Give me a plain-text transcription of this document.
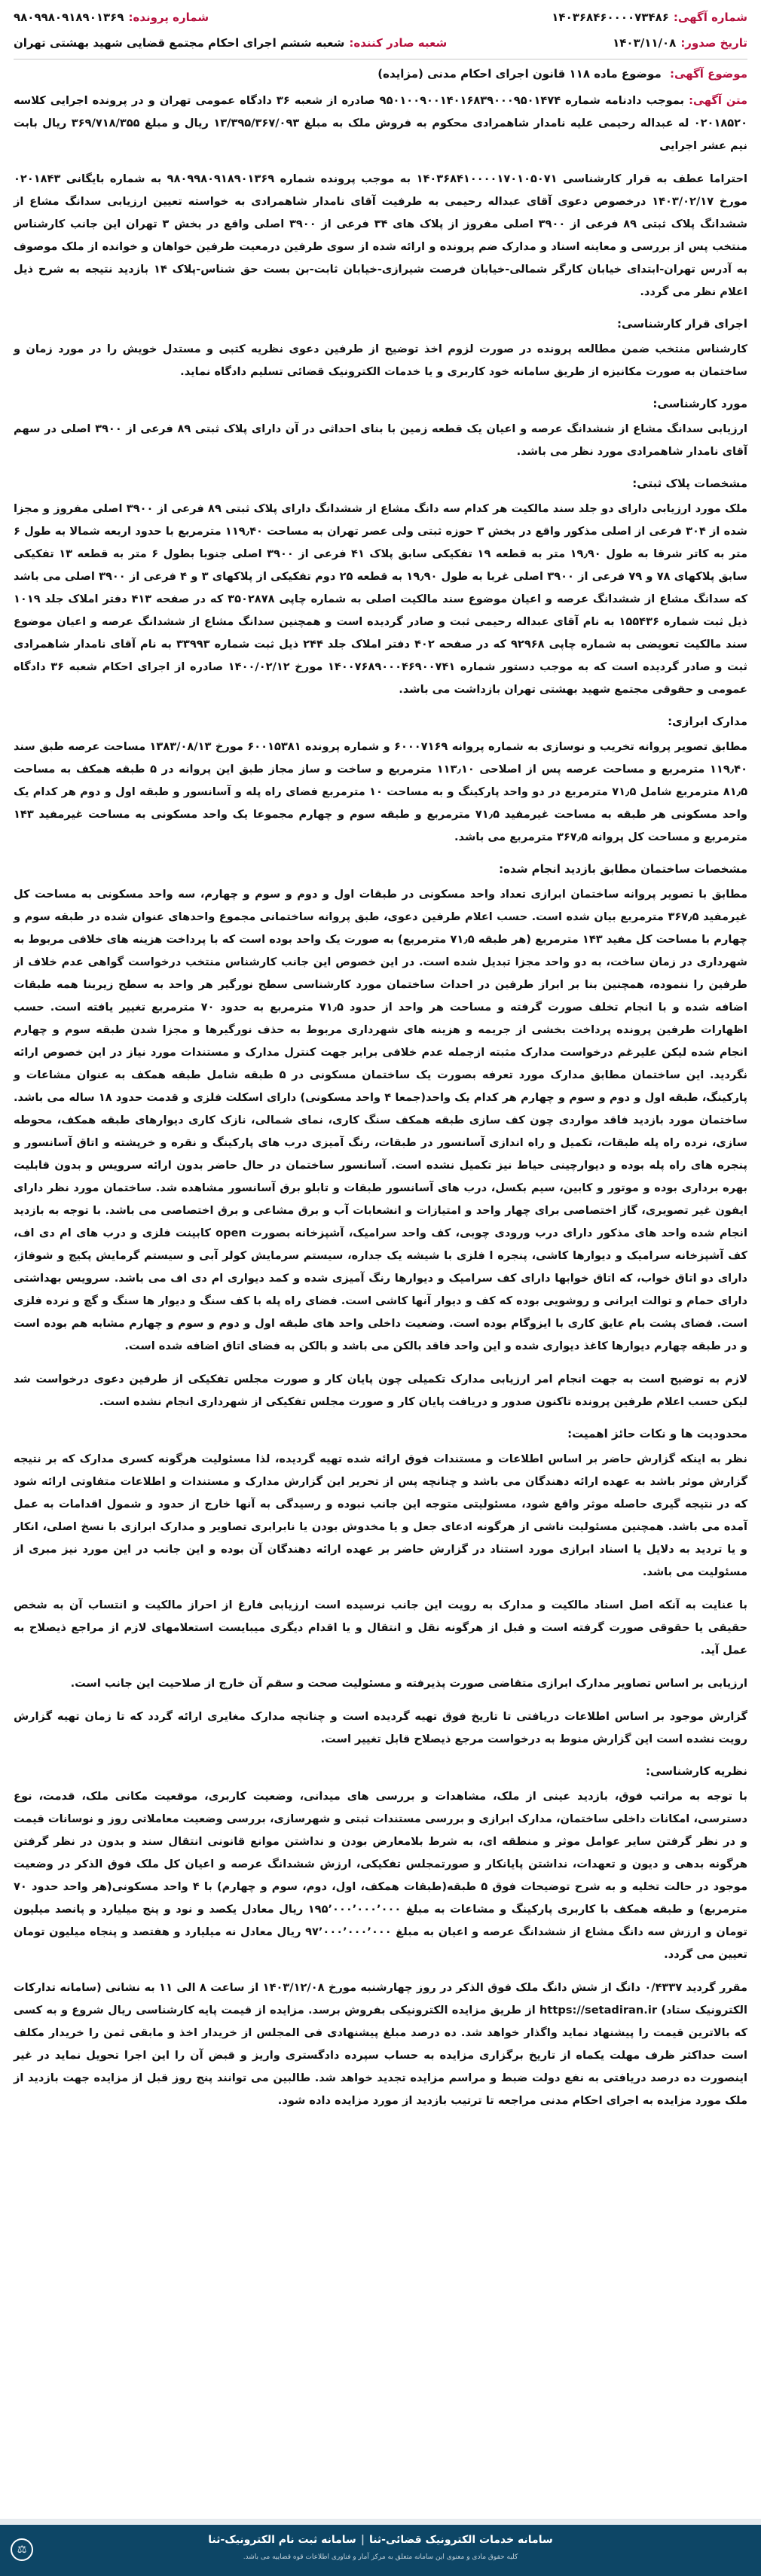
شماره آگهی:
۱۴۰۳۶۸۴۶۰۰۰۰۷۳۴۸۶
شماره پرونده:
۹۸۰۹۹۸۰۹۱۸۹۰۱۳۶۹
تاریخ صدور:
۱۴۰۳/۱۱/۰۸
شعبه صادر کننده:
شعبه ششم اجرای احکام مجتمع قضایی شهید بهشتی تهران
موضوع آگهی: موضوع ماده ۱۱۸ قانون اجرای احکام مدنی (مزایده)

متن آگهی: بموجب دادنامه شماره ۹۵۰۱۰۰۹۰۰۱۴۰۱۶۸۳۹۰۰۰۹۵۰۱۴۷۴ صادره از شعبه ۳۶ دادگاه عمومی تهران و در پرونده اجرایی کلاسه ۰۲۰۱۸۵۲۰ له عبداله رحیمی علیه نامدار شاهمرادی محکوم به فروش ملک به مبلغ ۱۳/۳۹۵/۳۶۷/۰۹۳ ریال و مبلغ ۳۶۹/۷۱۸/۳۵۵ ریال بابت نیم عشر اجرایی

احتراما عطف به قرار کارشناسی ۱۴۰۳۶۸۴۱۰۰۰۰۱۷۰۱۰۵۰۷۱ به موجب پرونده شماره ۹۸۰۹۹۸۰۹۱۸۹۰۱۳۶۹ به شماره بایگانی ۰۲۰۱۸۴۳ مورخ ۱۴۰۳/۰۲/۱۷ درخصوص دعوی آقای عبداله رحیمی به طرفیت آقای نامدار شاهمرادی به خواسته تعیین ارزیابی سدانگ مشاع از ششدانگ پلاک ثبتی ۸۹ فرعی از ۳۹۰۰ اصلی مفروز از پلاک های ۳۴ فرعی از ۳۹۰۰ اصلی واقع در بخش ۳ تهران این جانب کارشناس منتخب پس از بررسی و معاینه اسناد و مدارک ضم پرونده و ارائه شده از سوی طرفین درمعیت طرفین خواهان و خوانده از ملک موصوف به آدرس تهران-ابتدای خیابان کارگر شمالی-خیابان فرصت شیرازی-خیابان ثابت-بن بست حق شناس-پلاک ۱۴ بازدید نتیجه به شرح ذیل اعلام نظر می گردد.

اجرای قرار کارشناسی:

کارشناس منتخب ضمن مطالعه پرونده در صورت لزوم اخذ توضیح از طرفین دعوی نظریه کتبی و مستدل خویش را در مورد زمان و ساختمان به صورت مکانیزه از طریق سامانه خود کاربری و یا خدمات الکترونیک قضائی تسلیم دادگاه نماید.

مورد کارشناسی:

ارزیابی سدانگ مشاع از ششدانگ عرصه و اعیان یک قطعه زمین با بنای احداثی در آن دارای پلاک ثبتی ۸۹ فرعی از ۳۹۰۰ اصلی در سهم آقای نامدار شاهمرادی مورد نظر می باشد.

مشخصات پلاک ثبتی:

ملک مورد ارزیابی دارای دو جلد سند مالکیت هر کدام سه دانگ مشاع از ششدانگ دارای پلاک ثبتی ۸۹ فرعی از ۳۹۰۰ اصلی مفروز و مجزا شده از ۳۰۴ فرعی از اصلی مذکور واقع در بخش ۳ حوزه ثبتی ولی عصر تهران به مساحت ۱۱۹٫۴۰ مترمربع با حدود اربعه شمالا به طول ۶ متر به کاتر شرقا به طول ۱۹٫۹۰ متر به قطعه ۱۹ تفکیکی سابق پلاک ۴۱ فرعی از ۳۹۰۰ اصلی جنوبا بطول ۶ متر به قطعه ۱۳ تفکیکی سابق پلاکهای ۷۸ و ۷۹ فرعی از ۳۹۰۰ اصلی غربا به طول ۱۹٫۹۰ به قطعه ۲۵ دوم تفکیکی از پلاکهای ۳ و ۴ فرعی از ۳۹۰۰ اصلی می باشد که سدانگ مشاع از ششدانگ عرصه و اعیان موضوع سند مالکیت اصلی به شماره چاپی ۳۵۰۲۸۷۸ که در صفحه ۴۱۳ دفتر املاک جلد ۱۰۱۹ ذیل ثبت شماره ۱۵۵۴۳۶ به نام آقای عبداله رحیمی ثبت و صادر گردیده است و همچنین سدانگ مشاع از ششدانگ عرصه و اعیان موضوع سند مالکیت تعویضی به شماره چاپی ۹۲۹۶۸ که در صفحه ۴۰۲ دفتر املاک جلد ۲۴۴ ذیل ثبت شماره ۳۳۹۹۳ به نام آقای نامدار شاهمرادی ثبت و صادر گردیده است که به موجب دستور شماره ۱۴۰۰۷۶۸۹۰۰۰۴۶۹۰۰۷۴۱ مورخ ۱۴۰۰/۰۲/۱۲ صادره از اجرای احکام شعبه ۳۶ دادگاه عمومی و حقوقی مجتمع شهید بهشتی تهران بازداشت می باشد.

مدارک ابرازی:

مطابق تصویر پروانه تخریب و نوسازی به شماره پروانه ۶۰۰۰۷۱۶۹ و شماره پرونده ۶۰۰۱۵۳۸۱ مورخ ۱۳۸۳/۰۸/۱۳ مساحت عرصه طبق سند ۱۱۹٫۴۰ مترمربع و مساحت عرصه پس از اصلاحی ۱۱۳٫۱۰ مترمربع و ساخت و ساز مجاز طبق این پروانه در ۵ طبقه همکف به مساحت ۸۱٫۵ مترمربع شامل ۷۱٫۵ مترمربع در دو واحد پارکینگ و به مساحت ۱۰ مترمربع فضای راه پله و آسانسور و طبقه اول و دوم هر کدام یک واحد مسکونی هر طبقه به مساحت غیرمفید ۷۱٫۵ مترمربع و طبقه سوم و چهارم مجموعا یک واحد مسکونی به مساحت غیرمفید ۱۴۳ مترمربع و مساحت کل پروانه ۳۶۷٫۵ مترمربع می باشد.

مشخصات ساختمان مطابق بازدید انجام شده:

مطابق با تصویر پروانه ساختمان ابرازی تعداد واحد مسکونی در طبقات اول و دوم و سوم و چهارم، سه واحد مسکونی به مساحت کل غیرمفید ۳۶۷٫۵ مترمربع بیان شده است. حسب اعلام طرفین دعوی، طبق پروانه ساختمانی مجموع واحدهای عنوان شده در طبقه سوم و چهارم با مساحت کل مفید ۱۴۳ مترمربع (هر طبقه ۷۱٫۵ مترمربع) به صورت یک واحد بوده است که با پرداخت هزینه های خلافی مربوط به شهرداری در زمان ساخت، به دو واحد مجزا تبدیل شده است. در این خصوص این جانب کارشناس منتخب درخواست گواهی عدم خلاف از طرفین را ننموده، همچنین بنا بر ابراز طرفین در احداث ساختمان مورد کارشناسی سطح نورگیر هر واحد به سطح زیربنا همه طبقات اضافه شده و با انجام تخلف صورت گرفته و مساحت هر واحد از حدود ۷۱٫۵ مترمربع به حدود ۷۰ مترمربع تغییر یافته است. حسب اظهارات طرفین پرونده پرداخت بخشی از جریمه و هزینه های شهرداری مربوط به حذف نورگیرها و مجزا شدن طبقه سوم و چهارم انجام شده لیکن علیرغم درخواست مدارک مثبته ازجمله عدم خلافی برابر جهت کنترل مدارک و مستندات مورد نیاز در این خصوص ارائه نگردید. این ساختمان مطابق مدارک مورد تعرفه بصورت یک ساختمان مسکونی در ۵ طبقه شامل طبقه همکف به عنوان مشاعات و پارکینگ، طبقه اول و دوم و سوم و چهارم هر کدام یک واحد(جمعا ۴ واحد مسکونی) دارای اسکلت فلزی و قدمت حدود ۱۸ ساله می باشد. ساختمان مورد بازدید فاقد مواردی چون کف سازی طبقه همکف سنگ کاری، نمای شمالی، نازک کاری دیوارهای طبقه همکف، محوطه سازی، نرده راه پله طبقات، تکمیل و راه اندازی آسانسور در طبقات، رنگ آمیزی درب های پارکینگ و نقره و خرپشته و اتاق آسانسور و پنجره های راه پله بوده و دیوارچینی حیاط نیز تکمیل نشده است. آسانسور ساختمان در حال حاضر بدون ارائه سرویس و بدون قابلیت بهره برداری بوده و موتور و کابین، سیم بکسل، درب های آسانسور طبقات و تابلو برق آسانسور مشاهده شد. ساختمان مورد نظر دارای ایفون غیر تصویری، گاز اختصاصی برای چهار واحد و امتیازات و انشعابات آب و برق مشاعی و برق اختصاصی می باشد. با توجه به بازدید انجام شده واحد های مذکور دارای درب ورودی چوبی، کف واحد سرامیک، آشپزخانه بصورت open کابینت فلزی و درب های ام دی اف، کف آشپزخانه سرامیک و دیوارها کاشی، پنجره ا فلزی با شیشه یک جداره، سیستم سرمایش کولر آبی و سیستم گرمایش پکیج و شوفاژ، دارای دو اتاق خواب، که اتاق خوابها دارای کف سرامیک و دیوارها رنگ آمیزی شده و کمد دیواری ام دی اف می باشد. سرویس بهداشتی دارای حمام و توالت ایرانی و روشویی بوده که کف و دیوار آنها کاشی است. فضای راه پله با کف سنگ و دیوار ها سنگ و گچ و نرده فلزی است. فضای پشت بام عایق کاری با ایزوگام بوده است. وضعیت داخلی واحد های طبقه اول و دوم و سوم و چهارم مشابه هم بوده است و در طبقه چهارم دیوارها کاغذ دیواری شده و این واحد فاقد بالکن می باشد و بالکن به فضای اتاق اضافه شده است.

لازم به توضیح است به جهت انجام امر ارزیابی مدارک تکمیلی چون پایان کار و صورت مجلس تفکیکی از طرفین دعوی درخواست شد لیکن حسب اعلام طرفین پرونده تاکنون صدور و دریافت پایان کار و صورت مجلس تفکیکی از شهرداری انجام نشده است.

محدودیت ها و نکات حائز اهمیت:

نظر به اینکه گزارش حاضر بر اساس اطلاعات و مستندات فوق ارائه شده تهیه گردیده، لذا مسئولیت هرگونه کسری مدارک که بر نتیجه گزارش موثر باشد به عهده ارائه دهندگان می باشد و چنانچه پس از تحریر این گزارش مدارک و مستندات و اطلاعات متفاوتی ارائه شود که در نتیجه گیری حاصله موثر واقع شود، مسئولیتی متوجه این جانب نبوده و رسیدگی به آنها خارج از حدود و شمول اقدامات به عمل آمده می باشد. همچنین مسئولیت ناشی از هرگونه ادعای جعل و یا مخدوش بودن یا نابرابری تصاویر و مدارک ابرازی با نسخ اصلی، انکار و یا تردید به دلایل یا اسناد ابرازی مورد استناد در گزارش حاضر بر عهده ارائه دهندگان آن بوده و این جانب در این مورد نیز مبری از مسئولیت می باشد.

با عنایت به آنکه اصل اسناد مالکیت و مدارک به رویت این جانب نرسیده است ارزیابی فارغ از احراز مالکیت و انتساب آن به شخص حقیقی یا حقوقی صورت گرفته است و قبل از هرگونه نقل و انتقال و یا اقدام دیگری میبایست استعلامهای لازم از مراجع ذیصلاح به عمل آید.

ارزیابی بر اساس تصاویر مدارک ابرازی متقاضی صورت پذیرفته و مسئولیت صحت و سقم آن خارج از صلاحیت این جانب است.

گزارش موجود بر اساس اطلاعات دریافتی تا تاریخ فوق تهیه گردیده است و چنانچه مدارک مغایری ارائه گردد که تا زمان تهیه گزارش رویت نشده است این گزارش منوط به درخواست مرجع ذیصلاح قابل تغییر است.

نظریه کارشناسی:

با توجه به مراتب فوق، بازدید عینی از ملک، مشاهدات و بررسی های میدانی، وضعیت کاربری، موقعیت مکانی ملک، قدمت، نوع دسترسی، امکانات داخلی ساختمان، مدارک ابرازی و بررسی مستندات ثبتی و شهرسازی، بررسی وضعیت معاملاتی روز و نوسانات قیمت و در نظر گرفتن سایر عوامل موثر و منطقه ای، به شرط بلامعارض بودن و نداشتن موانع قانونی انتقال سند و بدون در نظر گرفتن هرگونه بدهی و دیون و تعهدات، نداشتن پایانکار و صورتمجلس تفکیکی، ارزش ششدانگ عرصه و اعیان کل ملک فوق الذکر در وضعیت موجود در حالت تخلیه و به شرح توضیحات فوق ۵ طبقه(طبقات همکف، اول، دوم، سوم و چهارم) با ۴ واحد مسکونی(هر واحد حدود ۷۰ مترمربع) و طبقه همکف با کاربری پارکینگ و مشاعات به مبلغ ۱۹۵٬۰۰۰٬۰۰۰٬۰۰۰ ریال معادل یکصد و نود و پنج میلیارد و پانصد میلیون تومان و ارزش سه دانگ مشاع از ششدانگ عرصه و اعیان به مبلغ ۹۷٬۰۰۰٬۰۰۰٬۰۰۰ ریال معادل نه میلیارد و هفتصد و پنجاه میلیون تومان تعیین می گردد.

مقرر گردید ۰/۴۳۳۷ دانگ از شش دانگ ملک فوق الذکر در روز چهارشنبه مورخ ۱۴۰۳/۱۲/۰۸ از ساعت ۸ الی ۱۱ به نشانی (سامانه تدارکات الکترونیک ستاد) https://setadiran.ir از طریق مزایده الکترونیکی بفروش برسد. مزایده از قیمت پایه کارشناسی ریال شروع و به کسی که بالاترین قیمت را پیشنهاد نماید واگذار خواهد شد. ده درصد مبلغ پیشنهادی فی المجلس از خریدار اخذ و مابقی ثمن را خریدار مکلف است حداکثر ظرف مهلت یکماه از تاریخ برگزاری مزایده به حساب سپرده دادگستری واریز و قبض آن را این اجرا تحویل نماید در غیر اینصورت ده درصد دریافتی به نفع دولت ضبط و مراسم مزایده تجدید خواهد شد. طالبین می توانند پنج روز قبل از مزایده جهت بازدید از ملک مورد مزایده به اجرای احکام مدنی مراجعه تا ترتیب بازدید از مورد مزایده داده شود.

سامانه خدمات الکترونیک قضائی-ثنا
|
سامانه ثبت نام الکترونیک-ثنا
کلیه حقوق مادی و معنوی این سامانه متعلق به مرکز آمار و فناوری اطلاعات قوه قضاییه می باشد.
⚖
